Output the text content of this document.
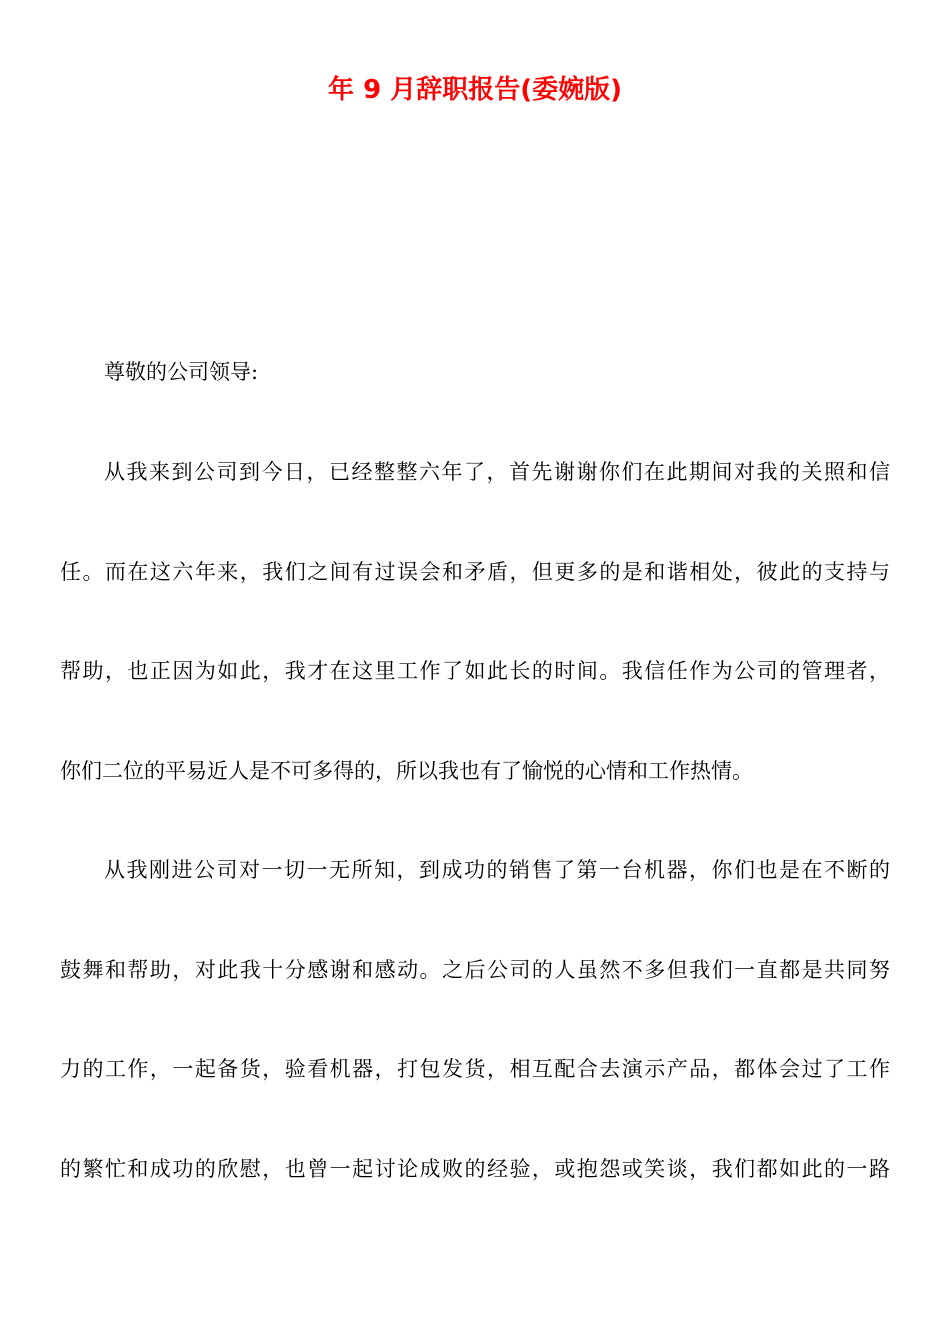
年 9 月辞职报告(委婉版)

尊敬的公司领导:

从我来到公司到今日，已经整整六年了，首先谢谢你们在此期间对我的关照和信

任。而在这六年来，我们之间有过误会和矛盾，但更多的是和谐相处，彼此的支持与

帮助，也正因为如此，我才在这里工作了如此长的时间。我信任作为公司的管理者，

你们二位的平易近人是不可多得的，所以我也有了愉悦的心情和工作热情。

从我刚进公司对一切一无所知，到成功的销售了第一台机器，你们也是在不断的

鼓舞和帮助，对此我十分感谢和感动。之后公司的人虽然不多但我们一直都是共同努

力的工作，一起备货，验看机器，打包发货，相互配合去演示产品，都体会过了工作

的繁忙和成功的欣慰，也曾一起讨论成败的经验，或抱怨或笑谈，我们都如此的一路
